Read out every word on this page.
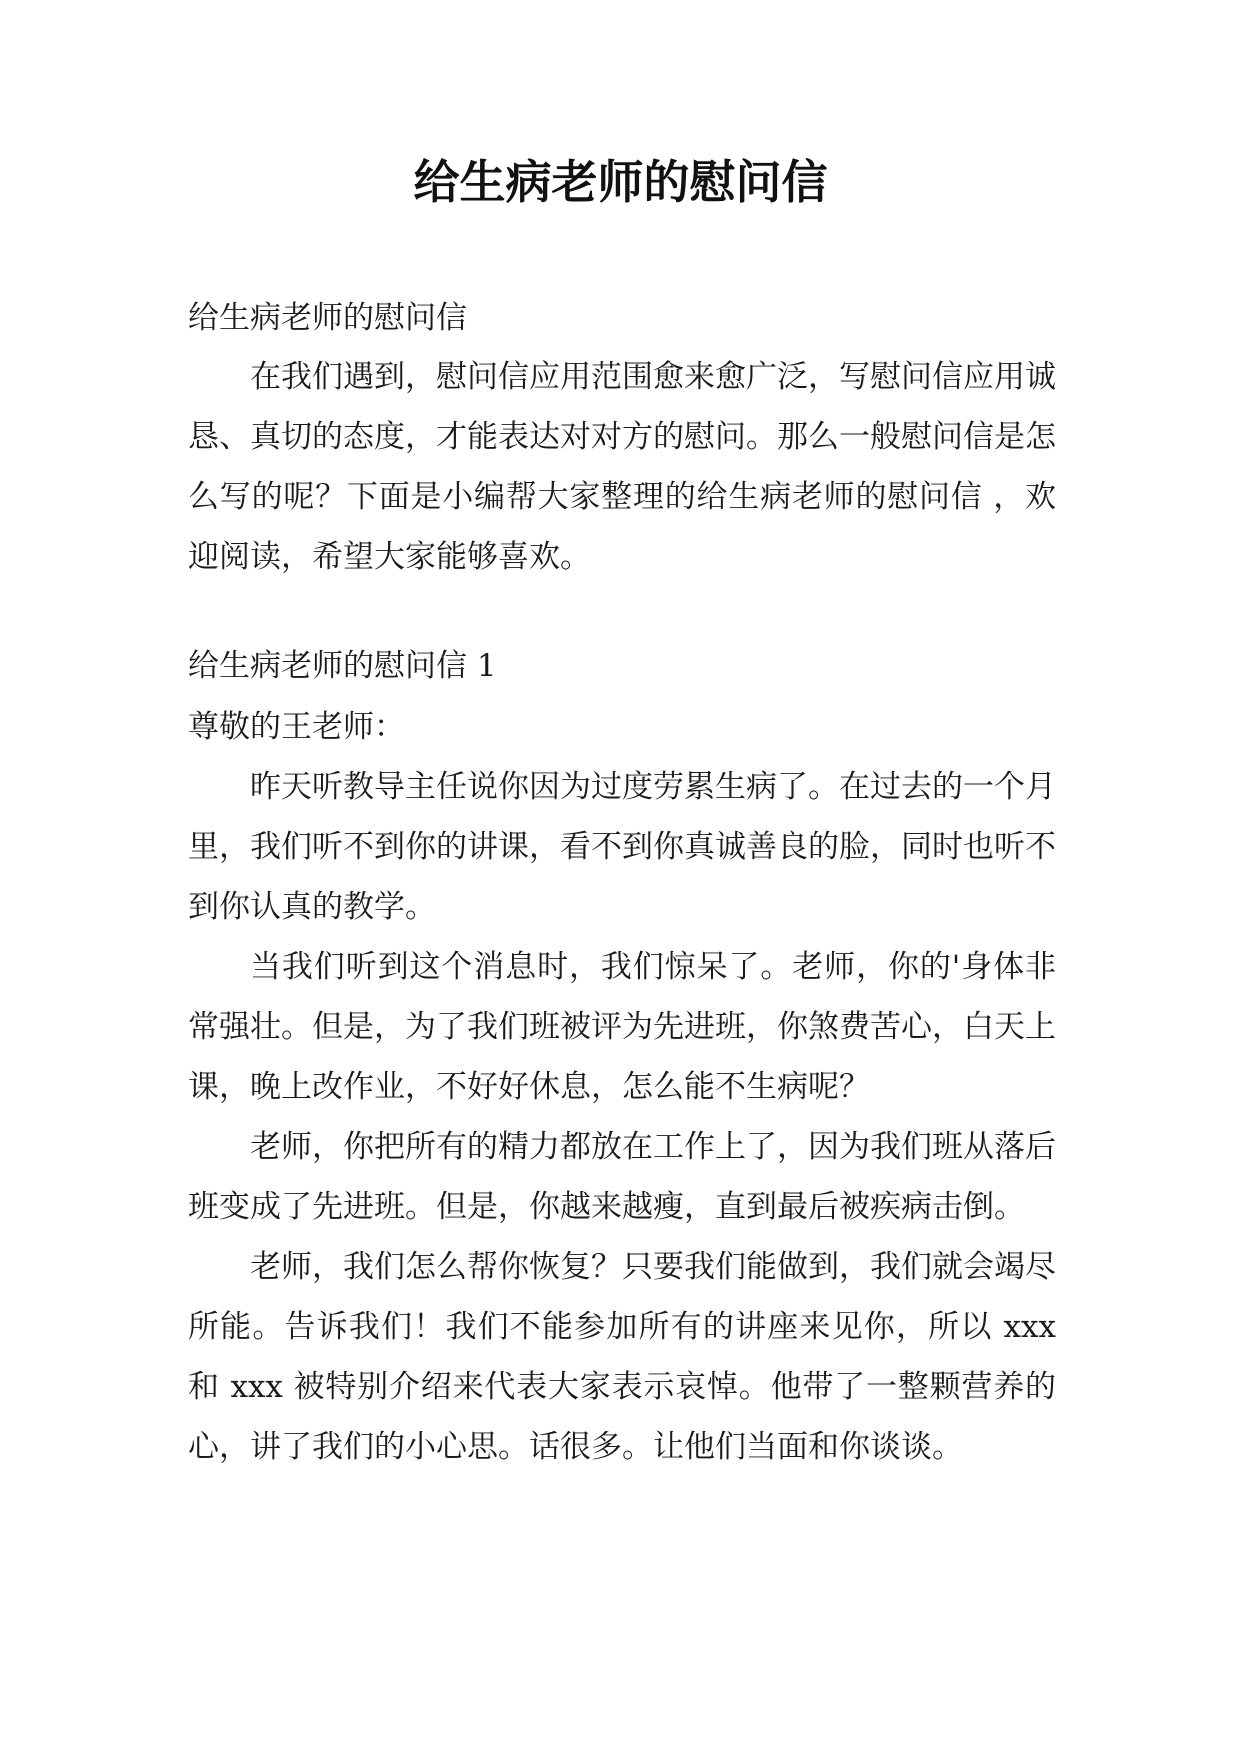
给生病老师的慰问信

给生病老师的慰问信

在我们遇到，慰问信应用范围愈来愈广泛，写慰问信应用诚恳、真切的态度，才能表达对对方的慰问。那么一般慰问信是怎么写的呢？下面是小编帮大家整理的给生病老师的慰问信 ，欢迎阅读，希望大家能够喜欢。

给生病老师的慰问信 1

尊敬的王老师：

昨天听教导主任说你因为过度劳累生病了。在过去的一个月里，我们听不到你的讲课，看不到你真诚善良的脸，同时也听不到你认真的教学。

当我们听到这个消息时，我们惊呆了。老师，你的'身体非常强壮。但是，为了我们班被评为先进班，你煞费苦心，白天上课，晚上改作业，不好好休息，怎么能不生病呢？

老师，你把所有的精力都放在工作上了，因为我们班从落后班变成了先进班。但是，你越来越瘦，直到最后被疾病击倒。

老师，我们怎么帮你恢复？只要我们能做到，我们就会竭尽所能。告诉我们！我们不能参加所有的讲座来见你，所以 xxx 和 xxx 被特别介绍来代表大家表示哀悼。他带了一整颗营养的心，讲了我们的小心思。话很多。让他们当面和你谈谈。
